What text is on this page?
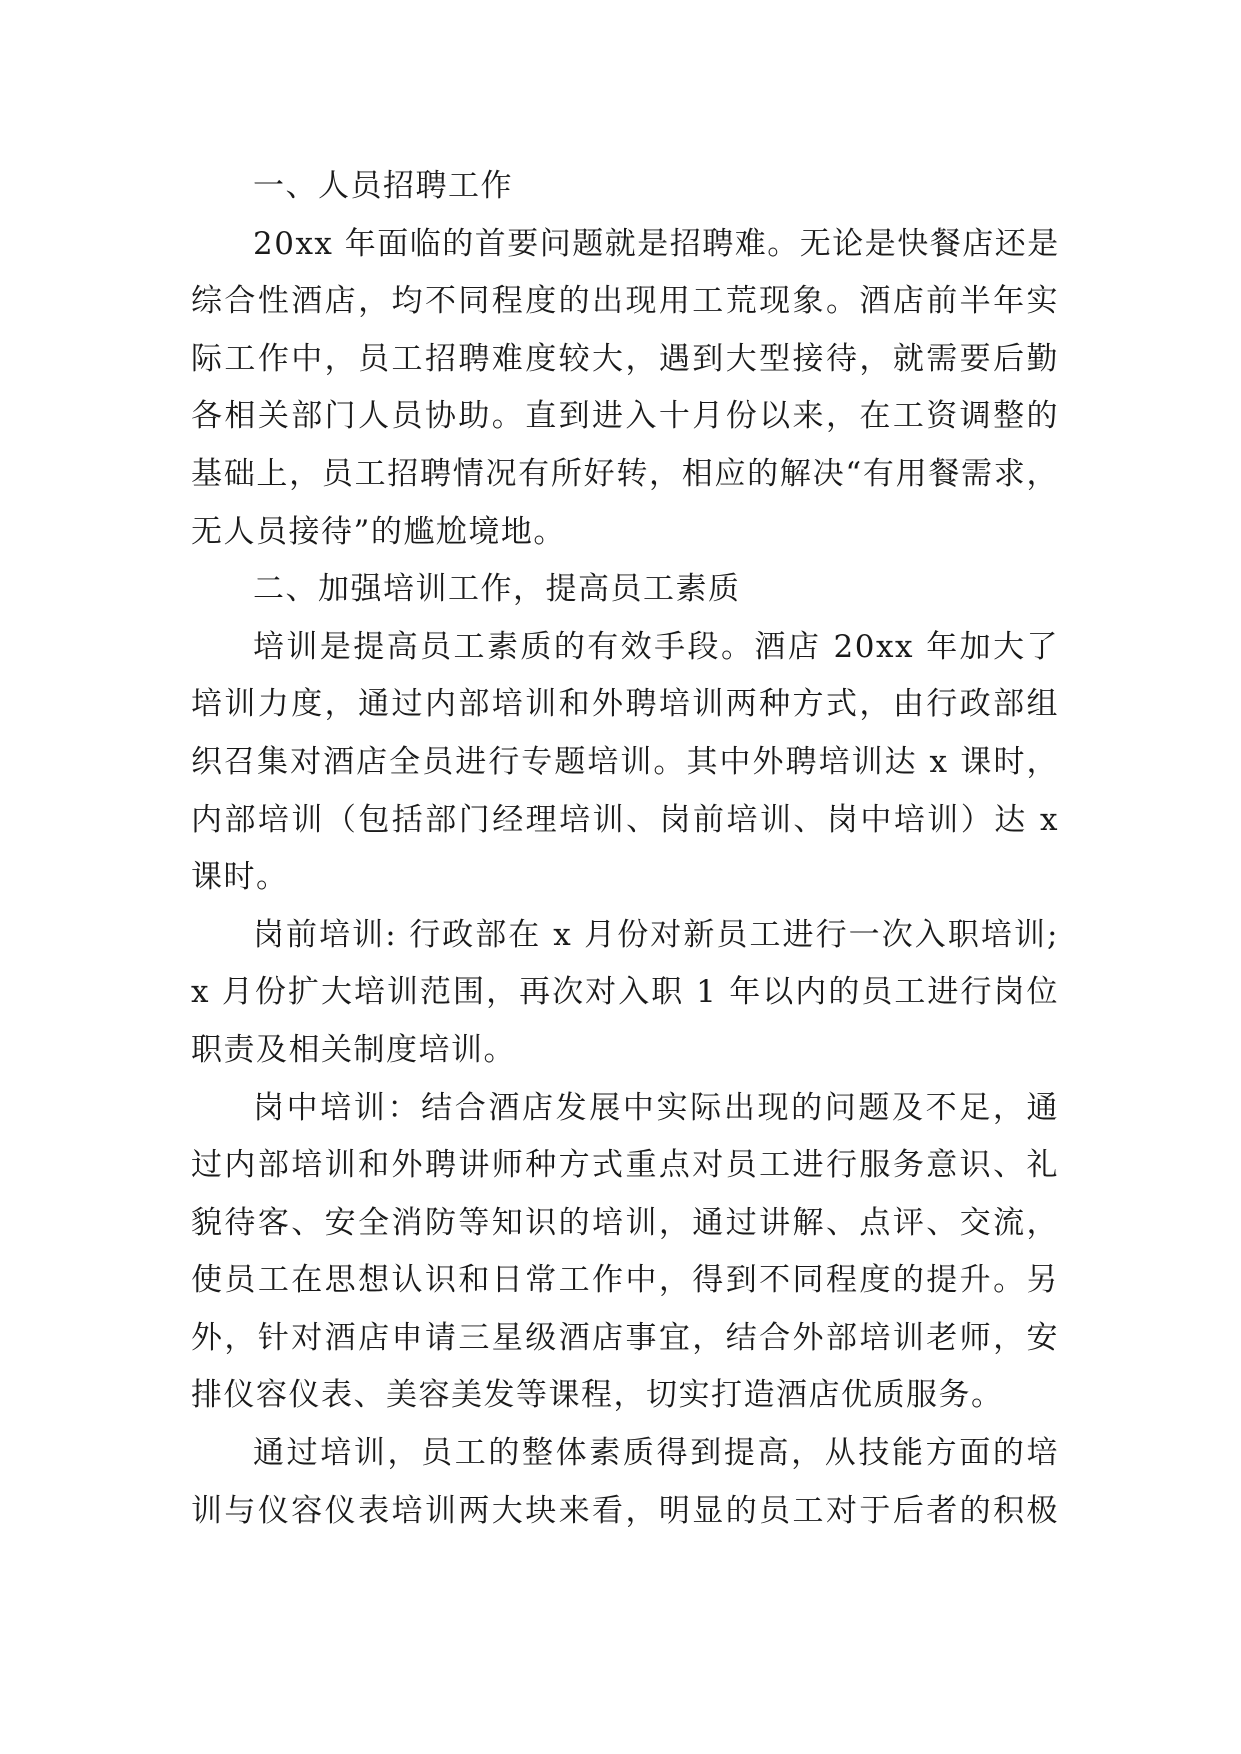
一、人员招聘工作
20xx 年面临的首要问题就是招聘难。无论是快餐店还是
综合性酒店，均不同程度的出现用工荒现象。酒店前半年实
际工作中，员工招聘难度较大，遇到大型接待，就需要后勤
各相关部门人员协助。直到进入十月份以来，在工资调整的
基础上，员工招聘情况有所好转，相应的解决“有用餐需求，
无人员接待”的尴尬境地。
二、加强培训工作，提高员工素质
培训是提高员工素质的有效手段。酒店 20xx 年加大了
培训力度，通过内部培训和外聘培训两种方式，由行政部组
织召集对酒店全员进行专题培训。其中外聘培训达 x 课时，
内部培训（包括部门经理培训、岗前培训、岗中培训）达 x
课时。
岗前培训: 行政部在 x 月份对新员工进行一次入职培训;
x 月份扩大培训范围，再次对入职 1 年以内的员工进行岗位
职责及相关制度培训。
岗中培训：结合酒店发展中实际出现的问题及不足，通
过内部培训和外聘讲师种方式重点对员工进行服务意识、礼
貌待客、安全消防等知识的培训，通过讲解、点评、交流，
使员工在思想认识和日常工作中，得到不同程度的提升。另
外，针对酒店申请三星级酒店事宜，结合外部培训老师，安
排仪容仪表、美容美发等课程，切实打造酒店优质服务。
通过培训，员工的整体素质得到提高，从技能方面的培
训与仪容仪表培训两大块来看，明显的员工对于后者的积极
